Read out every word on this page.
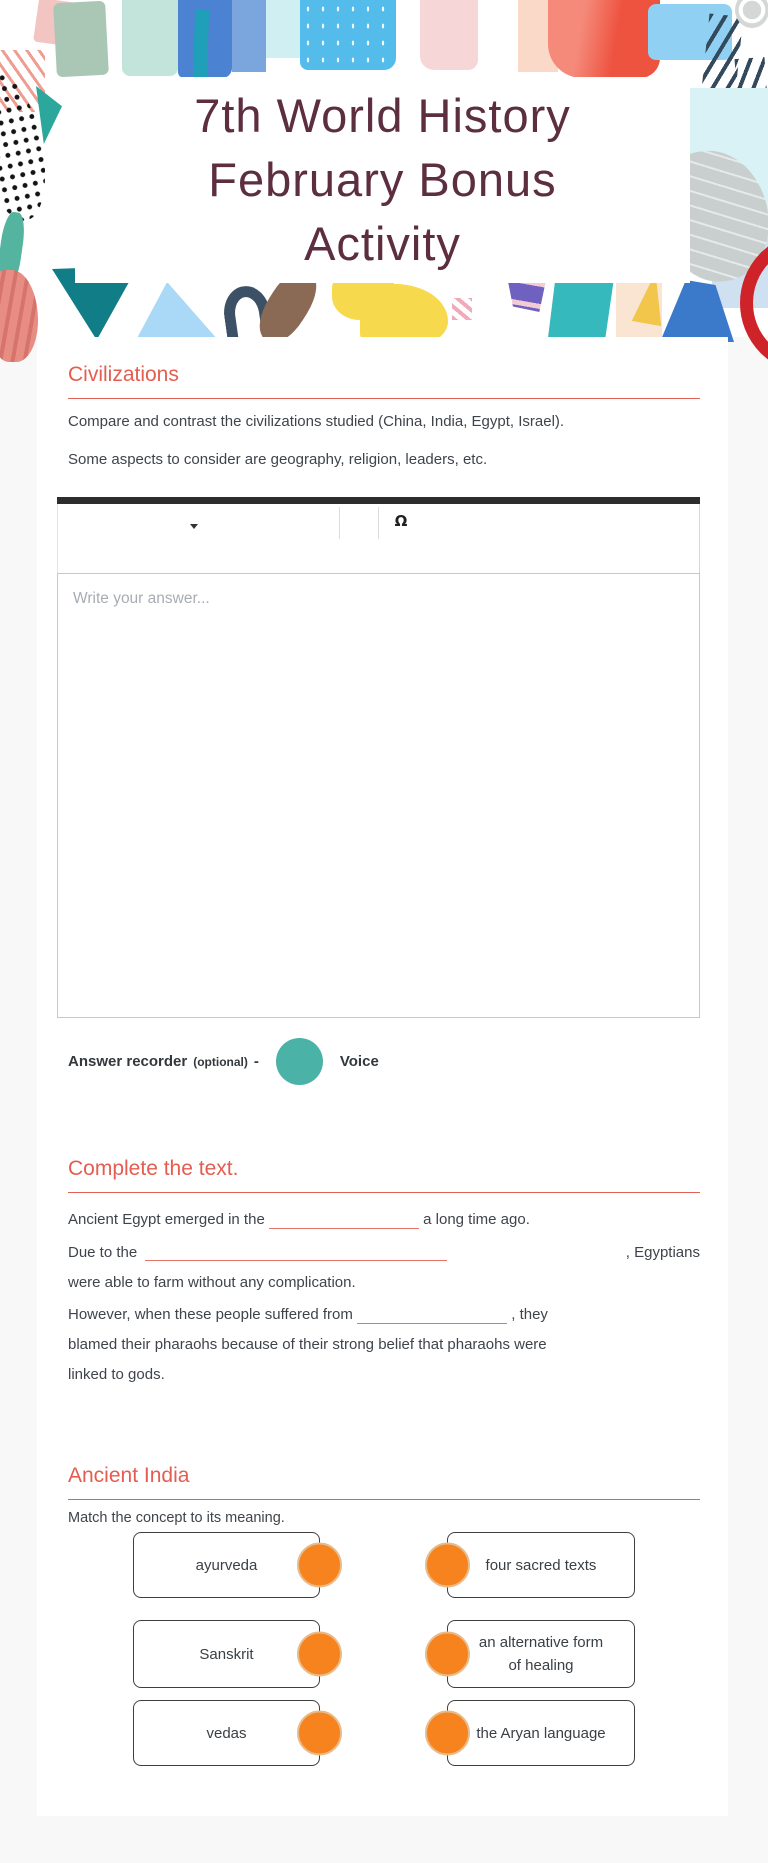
7th World History
February Bonus
Activity
Civilizations

Compare and contrast the civilizations studied (China, India, Egypt, Israel).

Some aspects to consider are geography, religion, leaders, etc.

Ω
Write your answer...
Answer recorder (optional) -	Voice
Complete the text.
Ancient Egypt emerged in the	a long time ago.
Due to the	, Egyptians
were able to farm without any complication.
However, when these people suffered from	, they
blamed their pharaohs because of their strong belief that pharaohs were
linked to gods.
Ancient India

Match the concept to its meaning.

ayurveda	four sacred texts
Sanskrit
an alternative form of healing
vedas	the Aryan language
